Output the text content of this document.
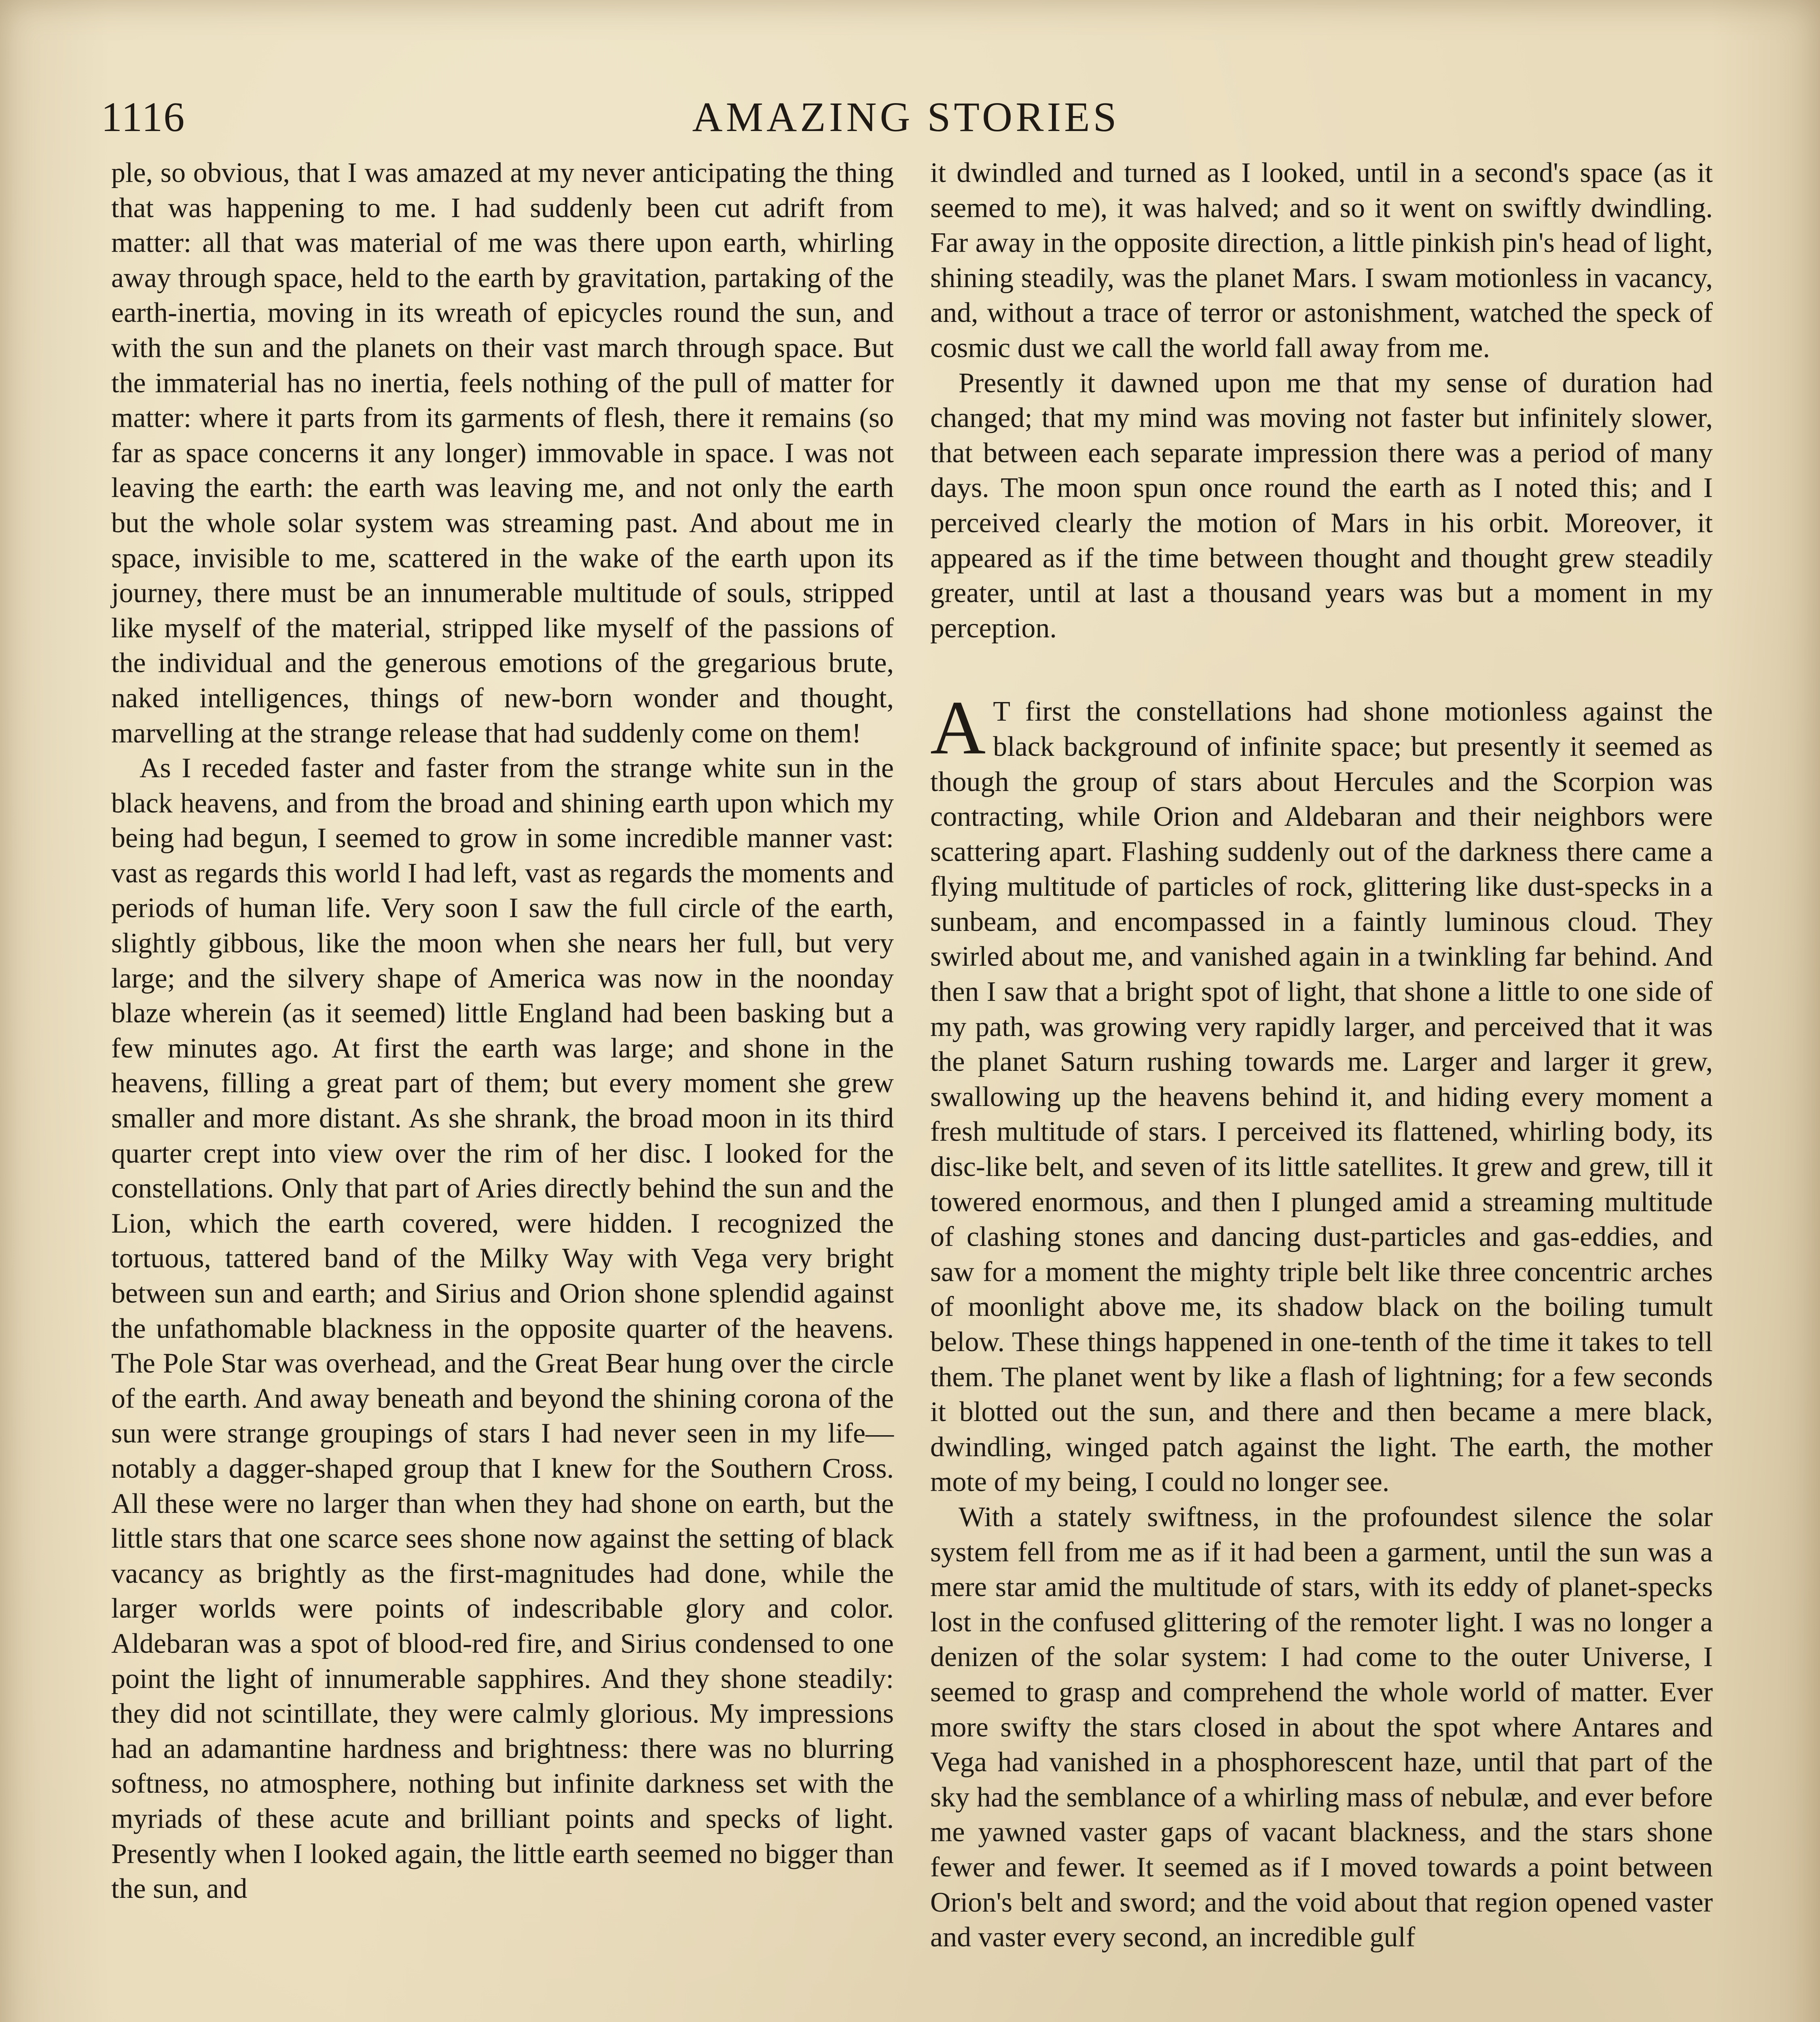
1116	AMAZING STORIES

ple, so obvious, that I was amazed at my never anticipating the thing that was happening to me. I had suddenly been cut adrift from matter: all that was material of me was there upon earth, whirling away through space, held to the earth by gravitation, partaking of the earth-inertia, moving in its wreath of epicycles round the sun, and with the sun and the planets on their vast march through space. But the immaterial has no inertia, feels nothing of the pull of matter for matter: where it parts from its garments of flesh, there it remains (so far as space concerns it any longer) immovable in space. I was not leaving the earth: the earth was leaving me, and not only the earth but the whole solar system was streaming past. And about me in space, invisible to me, scattered in the wake of the earth upon its journey, there must be an innumerable multitude of souls, stripped like myself of the material, stripped like myself of the passions of the individual and the generous emotions of the gregarious brute, naked intelligences, things of new-born wonder and thought, marvelling at the strange release that had suddenly come on them!

As I receded faster and faster from the strange white sun in the black heavens, and from the broad and shining earth upon which my being had begun, I seemed to grow in some incredible manner vast: vast as regards this world I had left, vast as regards the moments and periods of human life. Very soon I saw the full circle of the earth, slightly gibbous, like the moon when she nears her full, but very large; and the silvery shape of America was now in the noonday blaze wherein (as it seemed) little England had been basking but a few minutes ago. At first the earth was large; and shone in the heavens, filling a great part of them; but every moment she grew smaller and more distant. As she shrank, the broad moon in its third quarter crept into view over the rim of her disc. I looked for the constellations. Only that part of Aries directly behind the sun and the Lion, which the earth covered, were hidden. I recognized the tortuous, tattered band of the Milky Way with Vega very bright between sun and earth; and Sirius and Orion shone splendid against the unfathomable blackness in the opposite quarter of the heavens. The Pole Star was overhead, and the Great Bear hung over the circle of the earth. And away beneath and beyond the shining corona of the sun were strange groupings of stars I had never seen in my life—notably a dagger-shaped group that I knew for the Southern Cross. All these were no larger than when they had shone on earth, but the little stars that one scarce sees shone now against the setting of black vacancy as brightly as the first-magnitudes had done, while the larger worlds were points of indescribable glory and color. Aldebaran was a spot of blood-red fire, and Sirius condensed to one point the light of innumerable sapphires. And they shone steadily: they did not scintillate, they were calmly glorious. My impressions had an adamantine hardness and brightness: there was no blurring softness, no atmosphere, nothing but infinite darkness set with the myriads of these acute and brilliant points and specks of light. Presently when I looked again, the little earth seemed no bigger than the sun, and

it dwindled and turned as I looked, until in a second's space (as it seemed to me), it was halved; and so it went on swiftly dwindling. Far away in the opposite direction, a little pinkish pin's head of light, shining steadily, was the planet Mars. I swam motionless in vacancy, and, without a trace of terror or astonishment, watched the speck of cosmic dust we call the world fall away from me.

Presently it dawned upon me that my sense of duration had changed; that my mind was moving not faster but infinitely slower, that between each separate impression there was a period of many days. The moon spun once round the earth as I noted this; and I perceived clearly the motion of Mars in his orbit. Moreover, it appeared as if the time between thought and thought grew steadily greater, until at last a thousand years was but a moment in my perception.

AT first the constellations had shone motionless against the black background of infinite space; but presently it seemed as though the group of stars about Hercules and the Scorpion was contracting, while Orion and Aldebaran and their neighbors were scattering apart. Flashing suddenly out of the darkness there came a flying multitude of particles of rock, glittering like dust-specks in a sunbeam, and encompassed in a faintly luminous cloud. They swirled about me, and vanished again in a twinkling far behind. And then I saw that a bright spot of light, that shone a little to one side of my path, was growing very rapidly larger, and perceived that it was the planet Saturn rushing towards me. Larger and larger it grew, swallowing up the heavens behind it, and hiding every moment a fresh multitude of stars. I perceived its flattened, whirling body, its disc-like belt, and seven of its little satellites. It grew and grew, till it towered enormous, and then I plunged amid a streaming multitude of clashing stones and dancing dust-particles and gas-eddies, and saw for a moment the mighty triple belt like three concentric arches of moonlight above me, its shadow black on the boiling tumult below. These things happened in one-tenth of the time it takes to tell them. The planet went by like a flash of lightning; for a few seconds it blotted out the sun, and there and then became a mere black, dwindling, winged patch against the light. The earth, the mother mote of my being, I could no longer see.

With a stately swiftness, in the profoundest silence the solar system fell from me as if it had been a garment, until the sun was a mere star amid the multitude of stars, with its eddy of planet-specks lost in the confused glittering of the remoter light. I was no longer a denizen of the solar system: I had come to the outer Universe, I seemed to grasp and comprehend the whole world of matter. Ever more swifty the stars closed in about the spot where Antares and Vega had vanished in a phosphorescent haze, until that part of the sky had the semblance of a whirling mass of nebulæ, and ever before me yawned vaster gaps of vacant blackness, and the stars shone fewer and fewer. It seemed as if I moved towards a point between Orion's belt and sword; and the void about that region opened vaster and vaster every second, an incredible gulf
